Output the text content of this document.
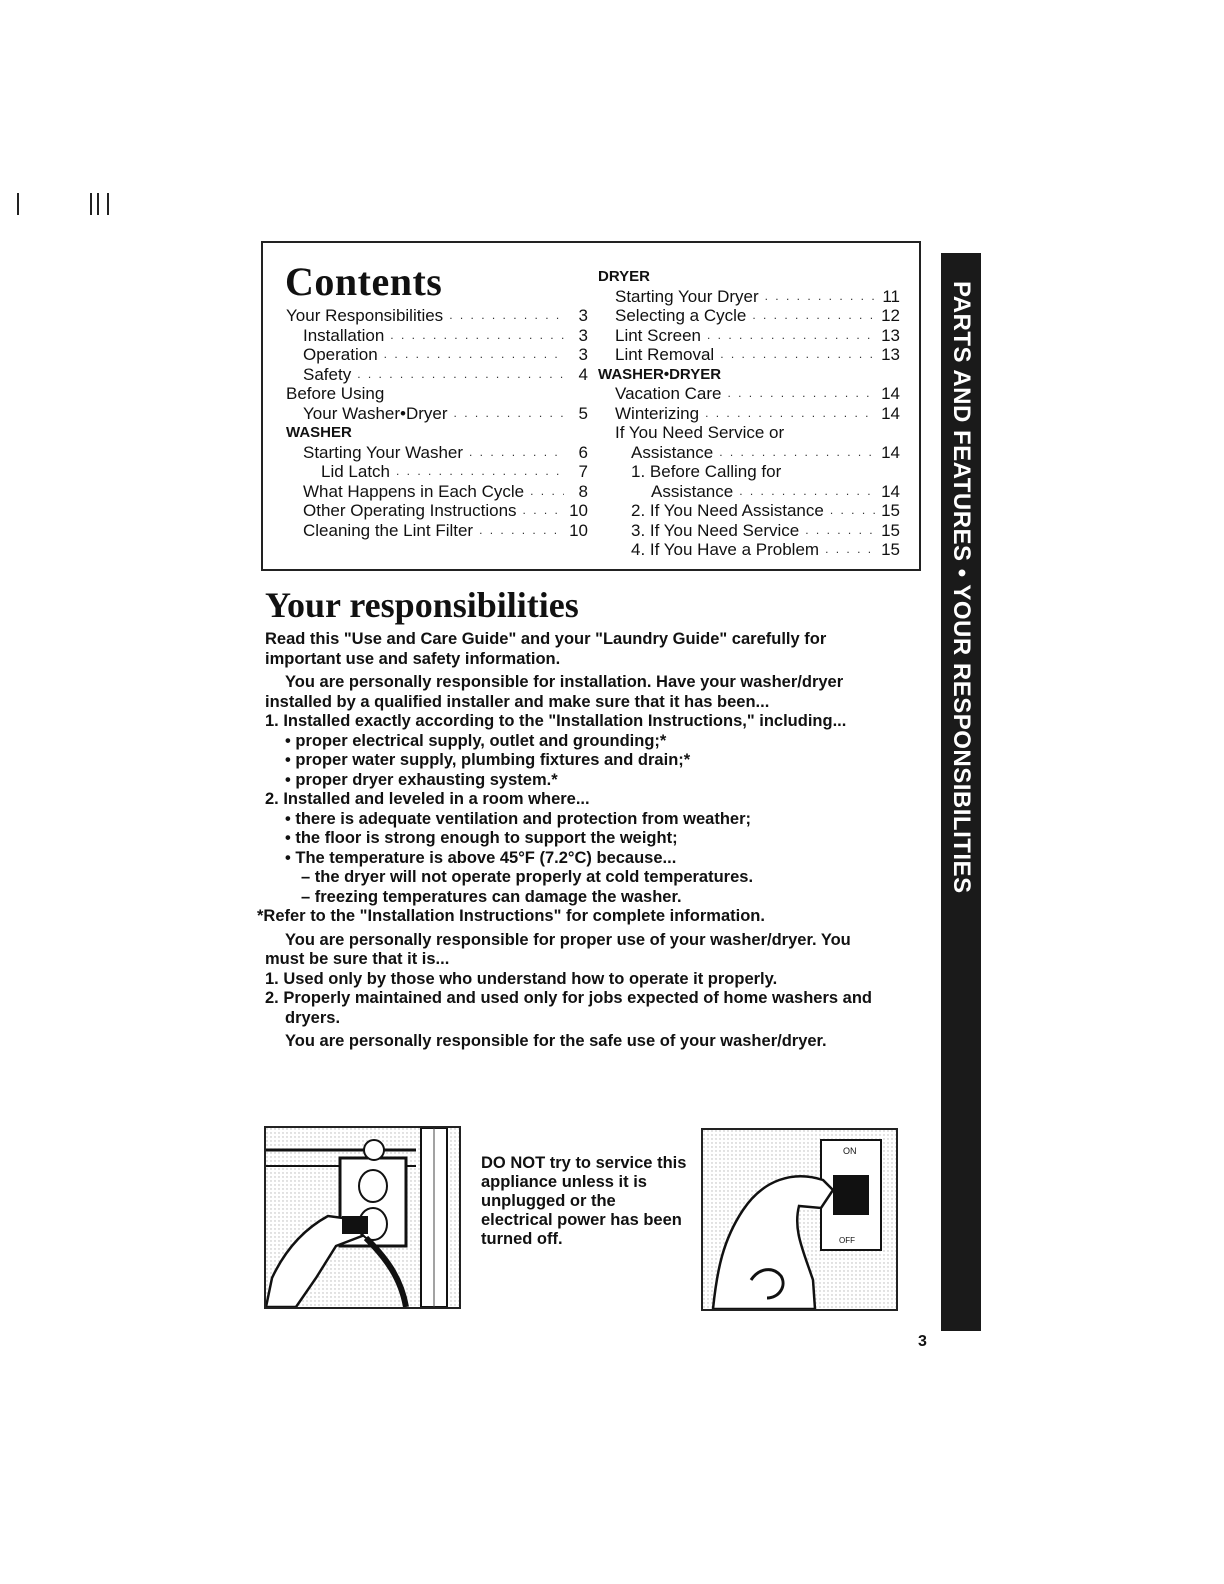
Contents
Your Responsibilities . . .	3
Installation . . .	3
Operation . . .	3
Safety . . .	4
Before Using
Your Washer•Dryer . . .	5
WASHER
Starting Your Washer . . .	6
Lid Latch . . .	7
What Happens in Each Cycle . . .	8
Other Operating Instructions . . .	10
Cleaning the Lint Filter . . .	10
DRYER
Starting Your Dryer . . .	11
Selecting a Cycle . . .	12
Lint Screen . . .	13
Lint Removal . . .	13
WASHER•DRYER
Vacation Care . . .	14
Winterizing . . .	14
If You Need Service or
Assistance . . .	14
1. Before Calling for
Assistance . . .	14
2. If You Need Assistance . . .	15
3. If You Need Service . . .	15
4. If You Have a Problem . . .	15
Your responsibilities

Read this "Use and Care Guide" and your "Laundry Guide" carefully for important use and safety information.

You are personally responsible for installation. Have your washer/dryer installed by a qualified installer and make sure that it has been...

1. Installed exactly according to the "Installation Instructions," including...

• proper electrical supply, outlet and grounding;*

• proper water supply, plumbing fixtures and drain;*

• proper dryer exhausting system.*

2. Installed and leveled in a room where...

• there is adequate ventilation and protection from weather;

• the floor is strong enough to support the weight;

• The temperature is above 45°F (7.2°C) because...

– the dryer will not operate properly at cold temperatures.

– freezing temperatures can damage the washer.

*Refer to the "Installation Instructions" for complete information.

You are personally responsible for proper use of your washer/dryer. You must be sure that it is...

1. Used only by those who understand how to operate it properly.

2. Properly maintained and used only for jobs expected of home washers and dryers.

You are personally responsible for the safe use of your washer/dryer.

DO NOT try to service this appliance unless it is unplugged or the electrical power has been turned off.
ON
OFF
PARTS AND FEATURES • YOUR RESPONSIBILITIES
3
